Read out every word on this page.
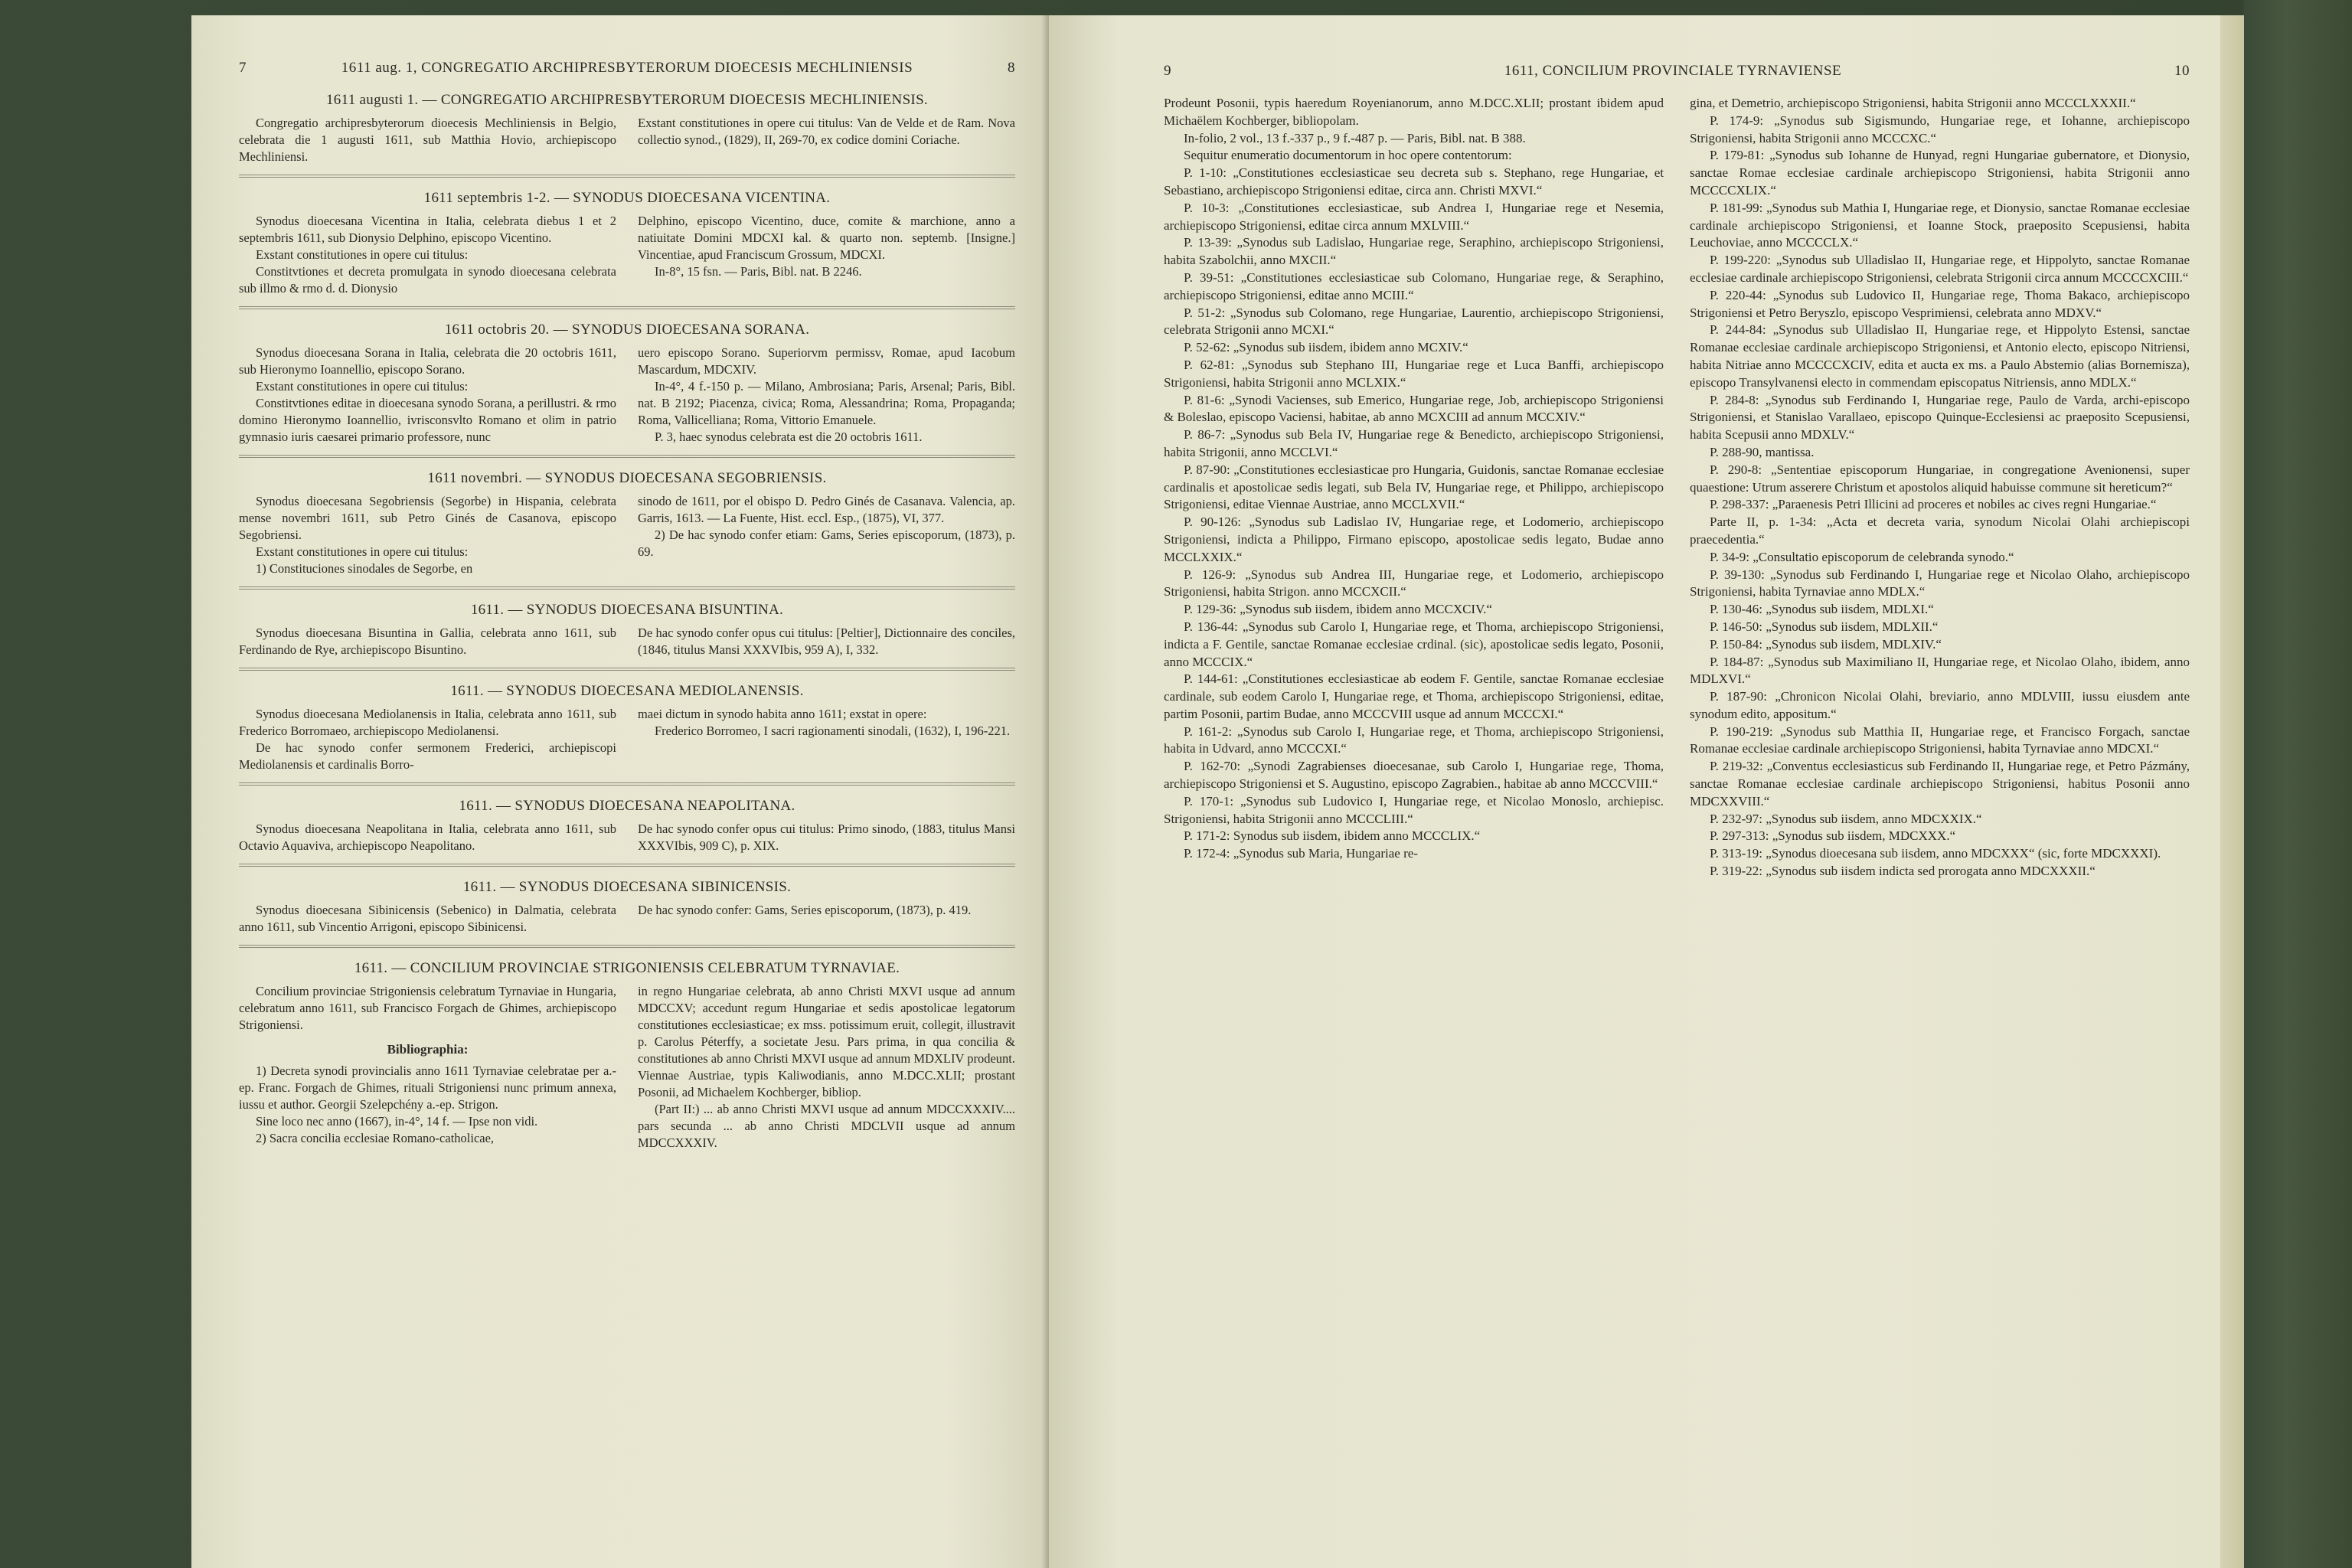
7	1611 aug. 1, CONGREGATIO ARCHIPRESBYTERORUM DIOECESIS MECHLINIENSIS	8
1611 augusti 1. — CONGREGATIO ARCHIPRESBYTERORUM DIOECESIS MECHLINIENSIS.

Congregatio archipresbyterorum dioecesis Mechliniensis in Belgio, celebrata die 1 augusti 1611, sub Matthia Hovio, archiepiscopo Mechliniensi.

Exstant constitutiones in opere cui titulus: Van de Velde et de Ram. Nova collectio synod., (1829), II, 269-70, ex codice domini Coriache.

1611 septembris 1-2. — SYNODUS DIOECESANA VICENTINA.

Synodus dioecesana Vicentina in Italia, celebrata diebus 1 et 2 septembris 1611, sub Dionysio Delphino, episcopo Vicentino.

Exstant constitutiones in opere cui titulus:

Constitvtiones et decreta promulgata in synodo dioecesana celebrata sub illmo & rmo d. d. Dionysio

Delphino, episcopo Vicentino, duce, comite & marchione, anno a natiuitate Domini MDCXI kal. & quarto non. septemb. [Insigne.] Vincentiae, apud Franciscum Grossum, MDCXI.

In-8°, 15 fsn. — Paris, Bibl. nat. B 2246.

1611 octobris 20. — SYNODUS DIOECESANA SORANA.

Synodus dioecesana Sorana in Italia, celebrata die 20 octobris 1611, sub Hieronymo Ioannellio, episcopo Sorano.

Exstant constitutiones in opere cui titulus:

Constitvtiones editae in dioecesana synodo Sorana, a perillustri. & rmo domino Hieronymo Ioannellio, ivrisconsvlto Romano et olim in patrio gymnasio iuris caesarei primario professore, nunc

uero episcopo Sorano. Superiorvm permissv, Romae, apud Iacobum Mascardum, MDCXIV.

In-4°, 4 f.-150 p. — Milano, Ambrosiana; Paris, Arsenal; Paris, Bibl. nat. B 2192; Piacenza, civica; Roma, Alessandrina; Roma, Propaganda; Roma, Vallicelliana; Roma, Vittorio Emanuele.

P. 3, haec synodus celebrata est die 20 octobris 1611.

1611 novembri. — SYNODUS DIOECESANA SEGOBRIENSIS.

Synodus dioecesana Segobriensis (Segorbe) in Hispania, celebrata mense novembri 1611, sub Petro Ginés de Casanova, episcopo Segobriensi.

Exstant constitutiones in opere cui titulus:

1) Constituciones sinodales de Segorbe, en

sinodo de 1611, por el obispo D. Pedro Ginés de Casanava. Valencia, ap. Garris, 1613. — La Fuente, Hist. eccl. Esp., (1875), VI, 377.

2) De hac synodo confer etiam: Gams, Series episcoporum, (1873), p. 69.

1611. — SYNODUS DIOECESANA BISUNTINA.

Synodus dioecesana Bisuntina in Gallia, celebrata anno 1611, sub Ferdinando de Rye, archiepiscopo Bisuntino.

De hac synodo confer opus cui titulus: [Peltier], Dictionnaire des conciles, (1846, titulus Mansi XXXVIbis, 959 A), I, 332.

1611. — SYNODUS DIOECESANA MEDIOLANENSIS.

Synodus dioecesana Mediolanensis in Italia, celebrata anno 1611, sub Frederico Borromaeo, archiepiscopo Mediolanensi.

De hac synodo confer sermonem Frederici, archiepiscopi Mediolanensis et cardinalis Borro-

maei dictum in synodo habita anno 1611; exstat in opere:

Frederico Borromeo, I sacri ragionamenti sinodali, (1632), I, 196-221.

1611. — SYNODUS DIOECESANA NEAPOLITANA.

Synodus dioecesana Neapolitana in Italia, celebrata anno 1611, sub Octavio Aquaviva, archiepiscopo Neapolitano.

De hac synodo confer opus cui titulus: Primo sinodo, (1883, titulus Mansi XXXVIbis, 909 C), p. XIX.

1611. — SYNODUS DIOECESANA SIBINICENSIS.

Synodus dioecesana Sibinicensis (Sebenico) in Dalmatia, celebrata anno 1611, sub Vincentio Arrigoni, episcopo Sibinicensi.

De hac synodo confer: Gams, Series episcoporum, (1873), p. 419.

1611. — CONCILIUM PROVINCIAE STRIGONIENSIS CELEBRATUM TYRNAVIAE.

Concilium provinciae Strigoniensis celebratum Tyrnaviae in Hungaria, celebratum anno 1611, sub Francisco Forgach de Ghimes, archiepiscopo Strigoniensi.

Bibliographia:

1) Decreta synodi provincialis anno 1611 Tyrnaviae celebratae per a.-ep. Franc. Forgach de Ghimes, rituali Strigoniensi nunc primum annexa, iussu et author. Georgii Szelepchény a.-ep. Strigon.

Sine loco nec anno (1667), in-4°, 14 f. — Ipse non vidi.

2) Sacra concilia ecclesiae Romano-catholicae,

in regno Hungariae celebrata, ab anno Christi MXVI usque ad annum MDCCXV; accedunt regum Hungariae et sedis apostolicae legatorum constitutiones ecclesiasticae; ex mss. potissimum eruit, collegit, illustravit p. Carolus Péterffy, a societate Jesu. Pars prima, in qua concilia & constitutiones ab anno Christi MXVI usque ad annum MDXLIV prodeunt. Viennae Austriae, typis Kaliwodianis, anno M.DCC.XLII; prostant Posonii, ad Michaelem Kochberger, bibliop.

(Part II:) ... ab anno Christi MXVI usque ad annum MDCCXXXIV.... pars secunda ... ab anno Christi MDCLVII usque ad annum MDCCXXXIV.

9	1611, CONCILIUM PROVINCIALE TYRNAVIENSE	10

Prodeunt Posonii, typis haeredum Royenianorum, anno M.DCC.XLII; prostant ibidem apud Michaëlem Kochberger, bibliopolam.

In-folio, 2 vol., 13 f.-337 p., 9 f.-487 p. — Paris, Bibl. nat. B 388.

Sequitur enumeratio documentorum in hoc opere contentorum:

P. 1-10: „Constitutiones ecclesiasticae seu decreta sub s. Stephano, rege Hungariae, et Sebastiano, archiepiscopo Strigoniensi editae, circa ann. Christi MXVI.“

P. 10-3: „Constitutiones ecclesiasticae, sub Andrea I, Hungariae rege et Nesemia, archiepiscopo Strigoniensi, editae circa annum MXLVIII.“

P. 13-39: „Synodus sub Ladislao, Hungariae rege, Seraphino, archiepiscopo Strigoniensi, habita Szabolchii, anno MXCII.“

P. 39-51: „Constitutiones ecclesiasticae sub Colomano, Hungariae rege, & Seraphino, archiepiscopo Strigoniensi, editae anno MCIII.“

P. 51-2: „Synodus sub Colomano, rege Hungariae, Laurentio, archiepiscopo Strigoniensi, celebrata Strigonii anno MCXI.“

P. 52-62: „Synodus sub iisdem, ibidem anno MCXIV.“

P. 62-81: „Synodus sub Stephano III, Hungariae rege et Luca Banffi, archiepiscopo Strigoniensi, habita Strigonii anno MCLXIX.“

P. 81-6: „Synodi Vacienses, sub Emerico, Hungariae rege, Job, archiepiscopo Strigoniensi & Boleslao, episcopo Vaciensi, habitae, ab anno MCXCIII ad annum MCCXIV.“

P. 86-7: „Synodus sub Bela IV, Hungariae rege & Benedicto, archiepiscopo Strigoniensi, habita Strigonii, anno MCCLVI.“

P. 87-90: „Constitutiones ecclesiasticae pro Hungaria, Guidonis, sanctae Romanae ecclesiae cardinalis et apostolicae sedis legati, sub Bela IV, Hungariae rege, et Philippo, archiepiscopo Strigoniensi, editae Viennae Austriae, anno MCCLXVII.“

P. 90-126: „Synodus sub Ladislao IV, Hungariae rege, et Lodomerio, archiepiscopo Strigoniensi, indicta a Philippo, Firmano episcopo, apostolicae sedis legato, Budae anno MCCLXXIX.“

P. 126-9: „Synodus sub Andrea III, Hungariae rege, et Lodomerio, archiepiscopo Strigoniensi, habita Strigon. anno MCCXCII.“

P. 129-36: „Synodus sub iisdem, ibidem anno MCCXCIV.“

P. 136-44: „Synodus sub Carolo I, Hungariae rege, et Thoma, archiepiscopo Strigoniensi, indicta a F. Gentile, sanctae Romanae ecclesiae crdinal. (sic), apostolicae sedis legato, Posonii, anno MCCCIX.“

P. 144-61: „Constitutiones ecclesiasticae ab eodem F. Gentile, sanctae Romanae ecclesiae cardinale, sub eodem Carolo I, Hungariae rege, et Thoma, archiepiscopo Strigoniensi, editae, partim Posonii, partim Budae, anno MCCCVIII usque ad annum MCCCXI.“

P. 161-2: „Synodus sub Carolo I, Hungariae rege, et Thoma, archiepiscopo Strigoniensi, habita in Udvard, anno MCCCXI.“

P. 162-70: „Synodi Zagrabienses dioecesanae, sub Carolo I, Hungariae rege, Thoma, archiepiscopo Strigoniensi et S. Augustino, episcopo Zagrabien., habitae ab anno MCCCVIII.“

P. 170-1: „Synodus sub Ludovico I, Hungariae rege, et Nicolao Monoslo, archiepisc. Strigoniensi, habita Strigonii anno MCCCLIII.“

P. 171-2: Synodus sub iisdem, ibidem anno MCCCLIX.“

P. 172-4: „Synodus sub Maria, Hungariae re-

gina, et Demetrio, archiepiscopo Strigoniensi, habita Strigonii anno MCCCLXXXII.“

P. 174-9: „Synodus sub Sigismundo, Hungariae rege, et Iohanne, archiepiscopo Strigoniensi, habita Strigonii anno MCCCXC.“

P. 179-81: „Synodus sub Iohanne de Hunyad, regni Hungariae gubernatore, et Dionysio, sanctae Romae ecclesiae cardinale archiepiscopo Strigoniensi, habita Strigonii anno MCCCCXLIX.“

P. 181-99: „Synodus sub Mathia I, Hungariae rege, et Dionysio, sanctae Romanae ecclesiae cardinale archiepiscopo Strigoniensi, et Ioanne Stock, praeposito Scepusiensi, habita Leuchoviae, anno MCCCCLX.“

P. 199-220: „Synodus sub Ulladislao II, Hungariae rege, et Hippolyto, sanctae Romanae ecclesiae cardinale archiepiscopo Strigoniensi, celebrata Strigonii circa annum MCCCCXCIII.“

P. 220-44: „Synodus sub Ludovico II, Hungariae rege, Thoma Bakaco, archiepiscopo Strigoniensi et Petro Beryszlo, episcopo Vesprimiensi, celebrata anno MDXV.“

P. 244-84: „Synodus sub Ulladislao II, Hungariae rege, et Hippolyto Estensi, sanctae Romanae ecclesiae cardinale archiepiscopo Strigoniensi, et Antonio electo, episcopo Nitriensi, habita Nitriae anno MCCCCXCIV, edita et aucta ex ms. a Paulo Abstemio (alias Bornemisza), episcopo Transylvanensi electo in commendam episcopatus Nitriensis, anno MDLX.“

P. 284-8: „Synodus sub Ferdinando I, Hungariae rege, Paulo de Varda, archi-episcopo Strigoniensi, et Stanislao Varallaeo, episcopo Quinque-Ecclesiensi ac praeposito Scepusiensi, habita Scepusii anno MDXLV.“

P. 288-90, mantissa.

P. 290-8: „Sententiae episcoporum Hungariae, in congregatione Avenionensi, super quaestione: Utrum asserere Christum et apostolos aliquid habuisse commune sit hereticum?“

P. 298-337: „Paraenesis Petri Illicini ad proceres et nobiles ac cives regni Hungariae.“

Parte II, p. 1-34: „Acta et decreta varia, synodum Nicolai Olahi archiepiscopi praecedentia.“

P. 34-9: „Consultatio episcoporum de celebranda synodo.“

P. 39-130: „Synodus sub Ferdinando I, Hungariae rege et Nicolao Olaho, archiepiscopo Strigoniensi, habita Tyrnaviae anno MDLX.“

P. 130-46: „Synodus sub iisdem, MDLXI.“

P. 146-50: „Synodus sub iisdem, MDLXII.“

P. 150-84: „Synodus sub iisdem, MDLXIV.“

P. 184-87: „Synodus sub Maximiliano II, Hungariae rege, et Nicolao Olaho, ibidem, anno MDLXVI.“

P. 187-90: „Chronicon Nicolai Olahi, breviario, anno MDLVIII, iussu eiusdem ante synodum edito, appositum.“

P. 190-219: „Synodus sub Matthia II, Hungariae rege, et Francisco Forgach, sanctae Romanae ecclesiae cardinale archiepiscopo Strigoniensi, habita Tyrnaviae anno MDCXI.“

P. 219-32: „Conventus ecclesiasticus sub Ferdinando II, Hungariae rege, et Petro Pázmány, sanctae Romanae ecclesiae cardinale archiepiscopo Strigoniensi, habitus Posonii anno MDCXXVIII.“

P. 232-97: „Synodus sub iisdem, anno MDCXXIX.“

P. 297-313: „Synodus sub iisdem, MDCXXX.“

P. 313-19: „Synodus dioecesana sub iisdem, anno MDCXXX“ (sic, forte MDCXXXI).

P. 319-22: „Synodus sub iisdem indicta sed prorogata anno MDCXXXII.“
